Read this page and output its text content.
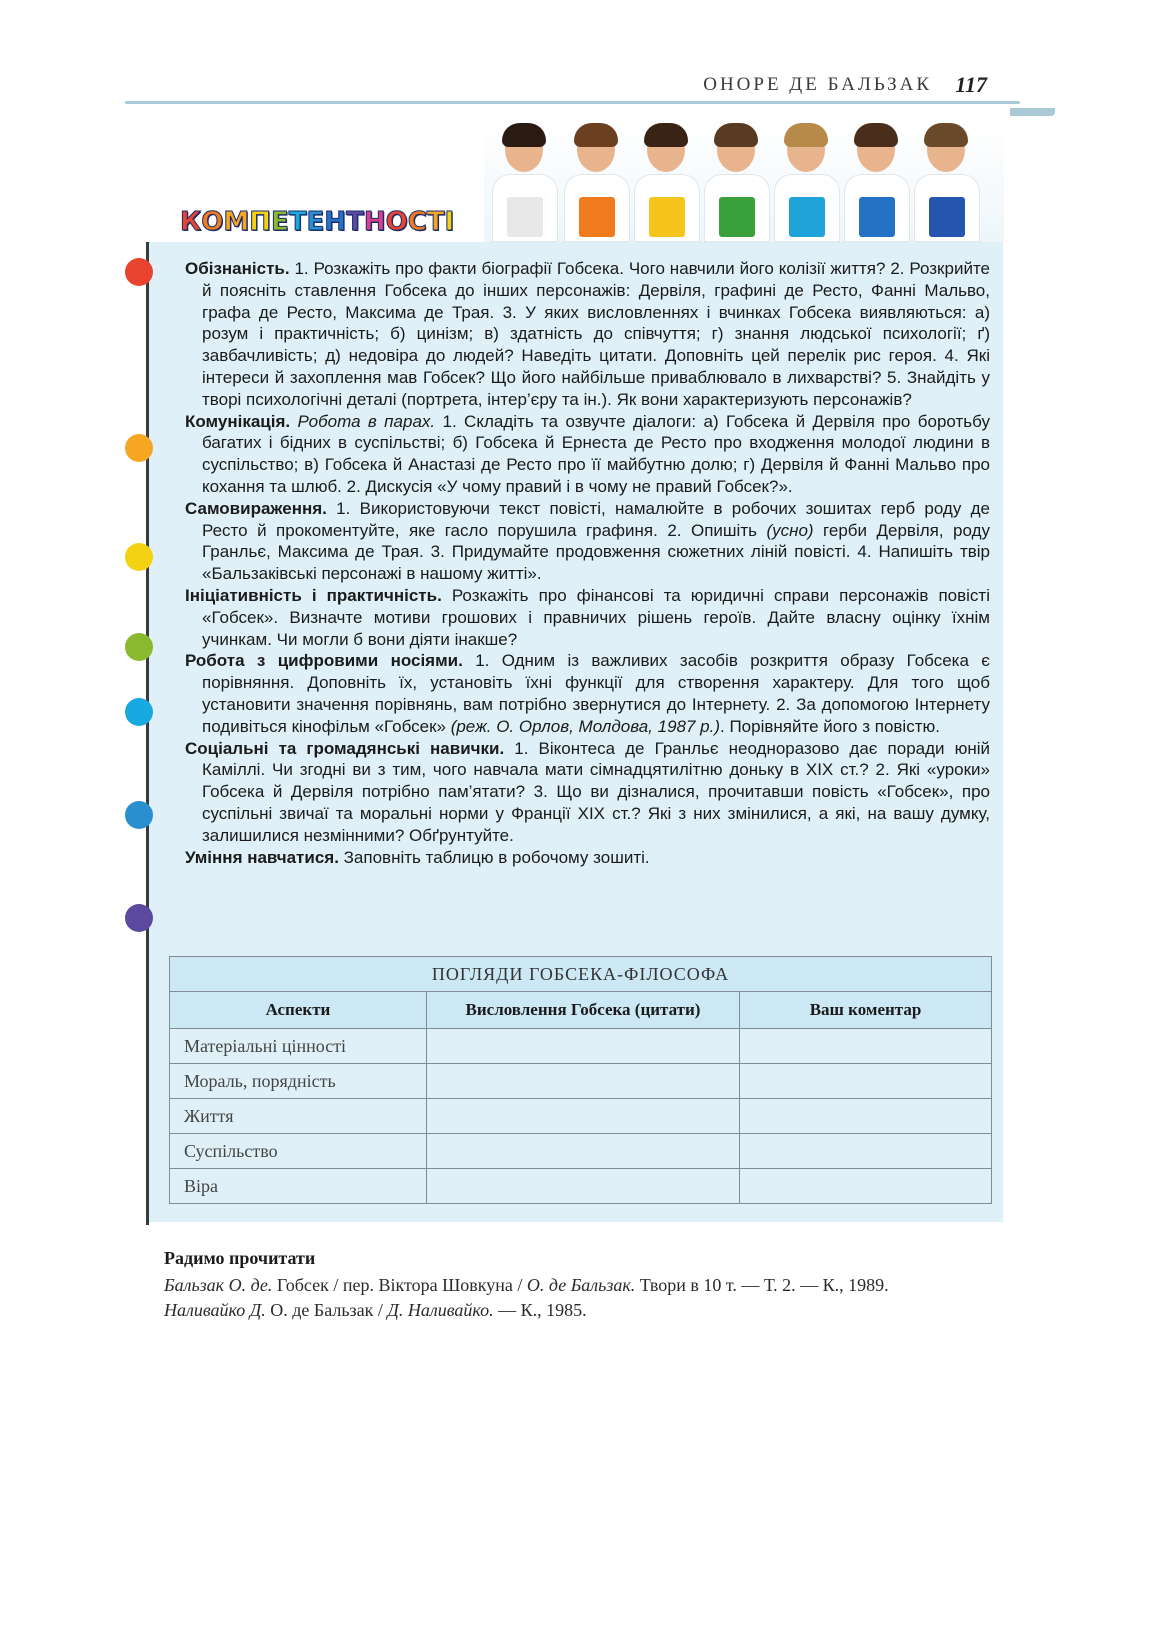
ОНОРЕ ДЕ БАЛЬЗАК 117
КОМПЕТЕНТНОСТІ

Обізнаність. 1. Розкажіть про факти біографії Гобсека. Чого навчили його колізії життя? 2. Розкрийте й поясніть ставлення Гобсека до інших персонажів: Дервіля, графині де Ресто, Фанні Мальво, графа де Ресто, Максима де Трая. 3. У яких висловленнях і вчинках Гобсека виявляються: а) розум і практичність; б) цинізм; в) здатність до співчуття; г) знання людської психології; ґ) завбачливість; д) недовіра до людей? Наведіть цитати. Доповніть цей перелік рис героя. 4. Які інтереси й захоплення мав Гобсек? Що його найбільше приваблювало в лихварстві? 5. Знайдіть у творі психологічні деталі (портрета, інтер’єру та ін.). Як вони характеризують персонажів?

Комунікація. Робота в парах. 1. Складіть та озвучте діалоги: а) Гобсека й Дервіля про боротьбу багатих і бідних в суспільстві; б) Гобсека й Ернеста де Ресто про входження молодої людини в суспільство; в) Гобсека й Анастазі де Ресто про її майбутню долю; г) Дервіля й Фанні Мальво про кохання та шлюб. 2. Дискусія «У чому правий і в чому не правий Гобсек?».

Самовираження. 1. Використовуючи текст повісті, намалюйте в робочих зошитах герб роду де Ресто й прокоментуйте, яке гасло порушила графиня. 2. Опишіть (усно) герби Дервіля, роду Гранльє, Максима де Трая. 3. Придумайте продовження сюжетних ліній повісті. 4. Напишіть твір «Бальзаківські персонажі в нашому житті».

Ініціативність і практичність. Розкажіть про фінансові та юридичні справи персонажів повісті «Гобсек». Визначте мотиви грошових і правничих рішень героїв. Дайте власну оцінку їхнім учинкам. Чи могли б вони діяти інакше?

Робота з цифровими носіями. 1. Одним із важливих засобів розкриття образу Гобсека є порівняння. Доповніть їх, установіть їхні функції для створення характеру. Для того щоб установити значення порівнянь, вам потрібно звернутися до Інтернету. 2. За допомогою Інтернету подивіться кінофільм «Гобсек» (реж. О. Орлов, Молдова, 1987 р.). Порівняйте його з повістю.

Соціальні та громадянські навички. 1. Віконтеса де Гранльє неодноразово дає поради юній Каміллі. Чи згодні ви з тим, чого навчала мати сімнадцятилітню доньку в XIX ст.? 2. Які «уроки» Гобсека й Дервіля потрібно пам’ятати? 3. Що ви дізналися, прочитавши повість «Гобсек», про суспільні звичаї та моральні норми у Франції XIX ст.? Які з них змінилися, а які, на вашу думку, залишилися незмінними? Обґрунтуйте.

Уміння навчатися. Заповніть таблицю в робочому зошиті.

ПОГЛЯДИ ГОБСЕКА-ФІЛОСОФА		
Аспекти	Висловлення Гобсека (цитати)	Ваш коментар
Матеріальні цінності		
Мораль, порядність		
Життя		
Суспільство		
Віра		
Радимо прочитати
Бальзак О. де. Гобсек / пер. Віктора Шовкуна / О. де Бальзак. Твори в 10 т. — Т. 2. — К., 1989.
Наливайко Д. О. де Бальзак / Д. Наливайко. — К., 1985.
